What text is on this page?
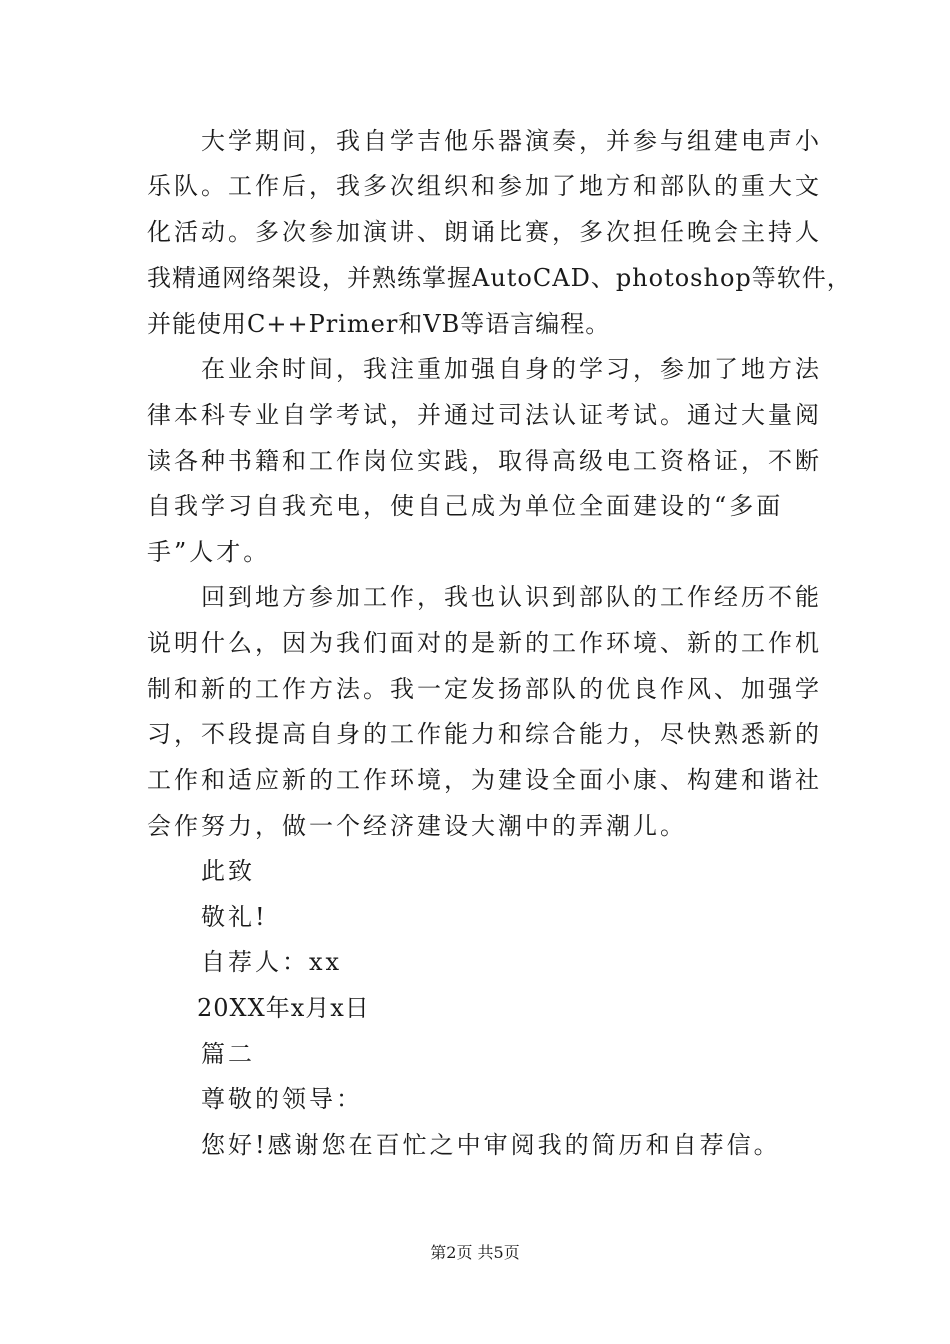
　　大学期间，我自学吉他乐器演奏，并参与组建电声小
乐队。工作后，我多次组织和参加了地方和部队的重大文
化活动。多次参加演讲、朗诵比赛，多次担任晚会主持人
我精通网络架设，并熟练掌握AutoCAD、photoshop等软件，
并能使用C++Primer和VB等语言编程。
　　在业余时间，我注重加强自身的学习，参加了地方法
律本科专业自学考试，并通过司法认证考试。通过大量阅
读各种书籍和工作岗位实践，取得高级电工资格证，不断
自我学习自我充电，使自己成为单位全面建设的“多面
手”人才。
　　回到地方参加工作，我也认识到部队的工作经历不能
说明什么，因为我们面对的是新的工作环境、新的工作机
制和新的工作方法。我一定发扬部队的优良作风、加强学
习，不段提高自身的工作能力和综合能力，尽快熟悉新的
工作和适应新的工作环境，为建设全面小康、构建和谐社
会作努力，做一个经济建设大潮中的弄潮儿。
　　此致
　　敬礼!
　　自荐人：xx
　　20XX年x月x日
　　篇二
　　尊敬的领导：
　　您好!感谢您在百忙之中审阅我的简历和自荐信。
第2页 共5页
